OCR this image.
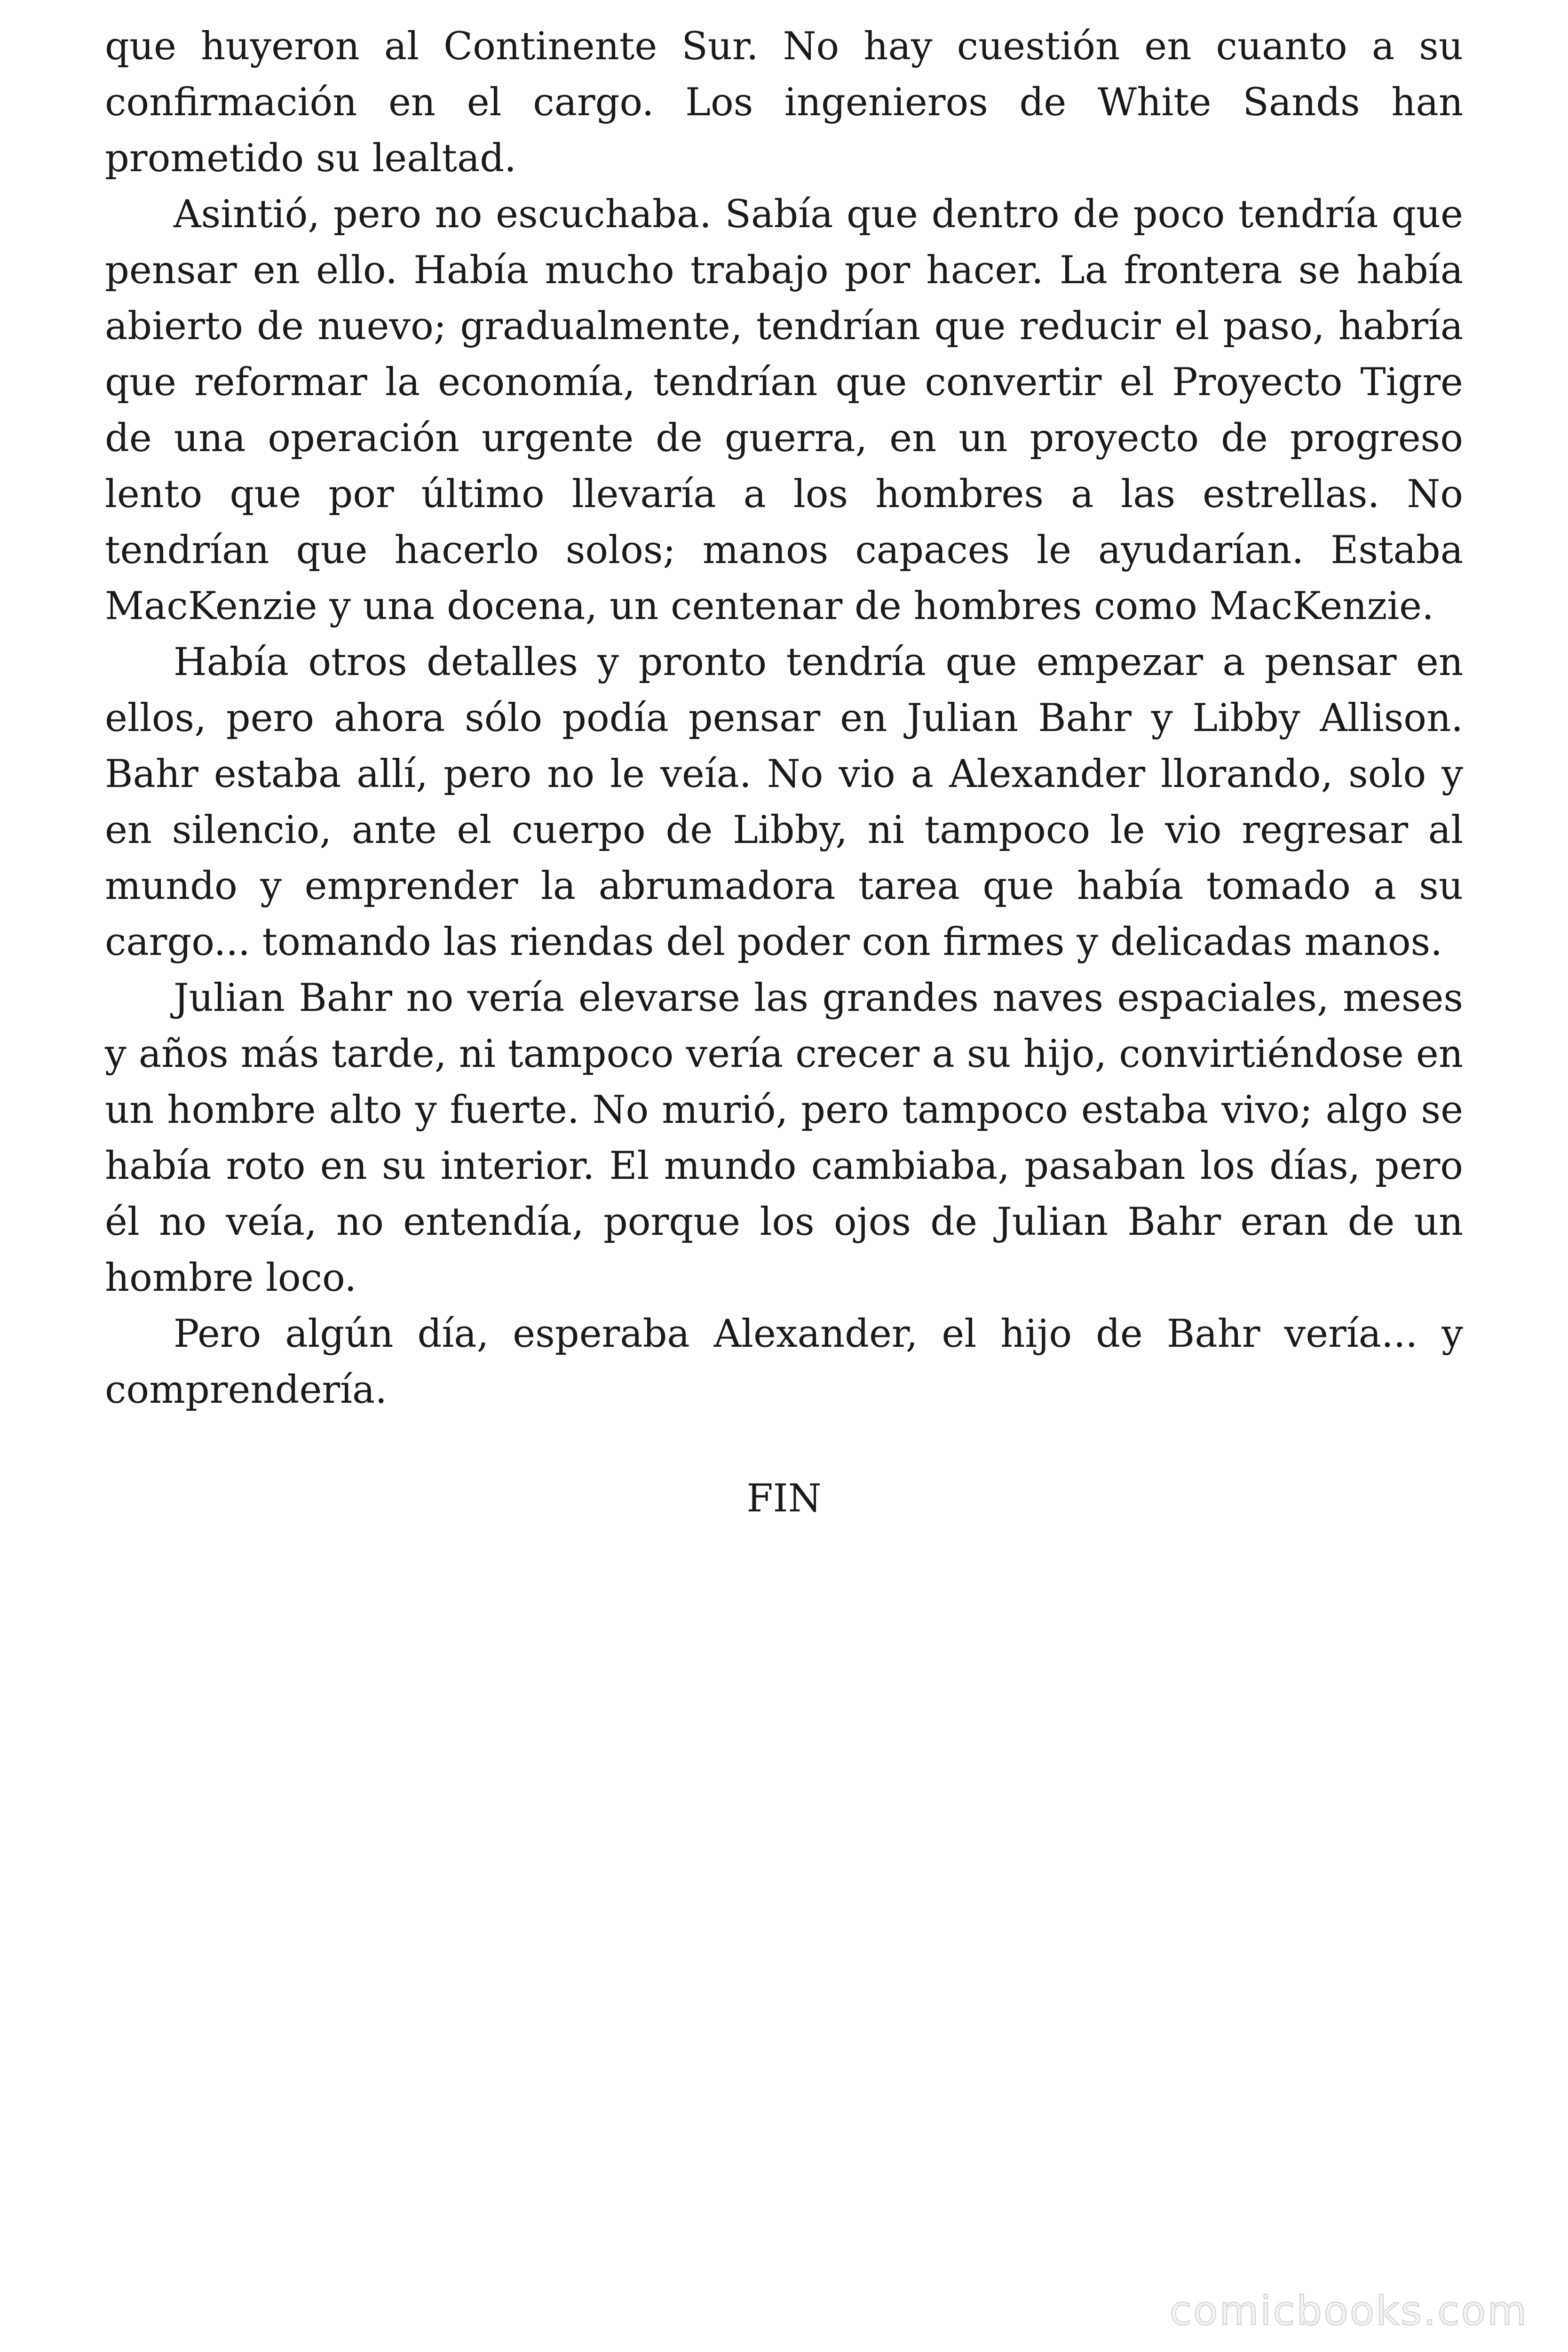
que huyeron al Continente Sur. No hay cuestión en cuanto a su confirmación en el cargo. Los ingenieros de White Sands han prometido su lealtad.

Asintió, pero no escuchaba. Sabía que dentro de poco tendría que pensar en ello. Había mucho trabajo por hacer. La frontera se había abierto de nuevo; gradualmente, tendrían que reducir el paso, habría que reformar la economía, tendrían que convertir el Proyecto Tigre de una operación urgente de guerra, en un proyecto de progreso lento que por último llevaría a los hombres a las estrellas. No tendrían que hacerlo solos; manos capaces le ayudarían. Estaba MacKenzie y una docena, un centenar de hombres como MacKenzie.

Había otros detalles y pronto tendría que empezar a pensar en ellos, pero ahora sólo podía pensar en Julian Bahr y Libby Allison. Bahr estaba allí, pero no le veía. No vio a Alexander llorando, solo y en silencio, ante el cuerpo de Libby, ni tampoco le vio regresar al mundo y emprender la abrumadora tarea que había tomado a su cargo... tomando las riendas del poder con firmes y delicadas manos.

Julian Bahr no vería elevarse las grandes naves espaciales, meses y años más tarde, ni tampoco vería crecer a su hijo, convirtiéndose en un hombre alto y fuerte. No murió, pero tampoco estaba vivo; algo se había roto en su interior. El mundo cambiaba, pasaban los días, pero él no veía, no entendía, porque los ojos de Julian Bahr eran de un hombre loco.

Pero algún día, esperaba Alexander, el hijo de Bahr vería... y comprendería.

FIN

comicbooks.com
